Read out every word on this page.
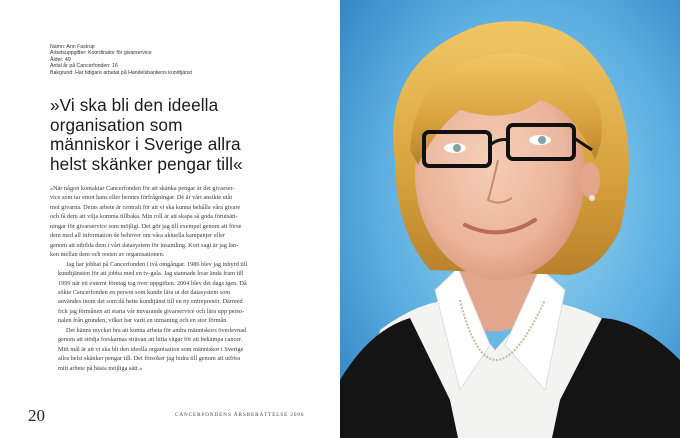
Namn: Ann Fastrup
Arbetsuppgifter: Koordinator för givarservice
Ålder: 49
Antal år på Cancerfonden: 16
Bakgrund: Har tidigare arbetat på Handelsbankens kundtjänst
»Vi ska bli den ideella
organisation som
människor i Sverige allra
helst skänker pengar till«

»När någon kontaktar Cancerfonden för att skänka pengar är det givarser-
vice som tar emot hans eller hennes förfrågningar. De är vårt ansikte utåt
mot givarna. Deras arbete är centralt för att vi ska kunna behålla våra givare
och få dem att vilja komma tillbaka. Min roll är att skapa så goda förutsätt-
ningar för givarservice som möjligt. Det gör jag till exempel genom att förse
dem med all information de behöver om våra aktuella kampanjer eller
genom att utbilda dem i vårt datasystem för insamling. Kort sagt är jag län-
ken mellan dem och resten av organisationen.

Jag har jobbat på Cancerfonden i två omgångar. 1986 blev jag inhyrd till
kundtjänsten för att jobba med en tv-gala. Jag stannade kvar ända fram till
1999 när ett externt företag tog över uppgiften. 2004 blev det dags igen. Då
sökte Cancerfonden en person som kunde lära ut det datasystem som
användes inom det som då hette kundtjänst till en ny entreprenör. Därmed
fick jag förmånen att starta vår nuvarande givarservice och lära upp perso-
nalen från grunden, vilket har varit en utmaning och en stor förmån.

Det känns mycket bra att kunna arbeta för andra människors överlevnad
genom att stödja forskarnas strävan att hitta vägar för att bekämpa cancer.
Mitt mål är att vi ska bli den ideella organisation som människor i Sverige
allra helst skänker pengar till. Det försöker jag bidra till genom att utföra
mitt arbete på bästa möjliga sätt.«

20	CANCERFONDENS ÅRSBERÄTTELSE 2006
